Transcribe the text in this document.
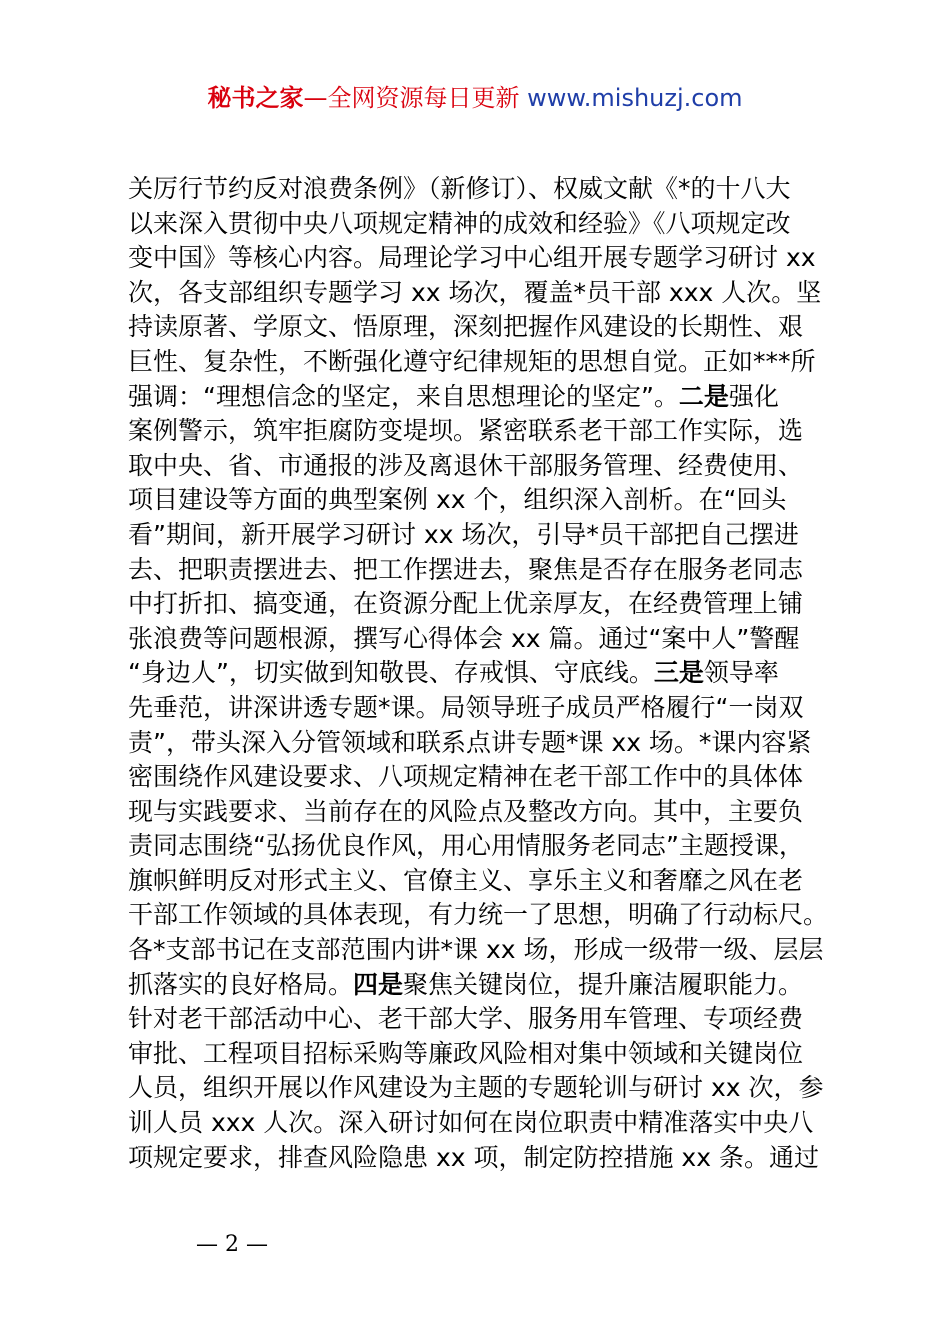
秘书之家—全网资源每日更新 www.mishuzj.com
关厉行节约反对浪费条例》（新修订）、权威文献《*的十八大
以来深入贯彻中央八项规定精神的成效和经验》《八项规定改
变中国》等核心内容。局理论学习中心组开展专题学习研讨 xx
次，各支部组织专题学习 xx 场次，覆盖*员干部 xxx 人次。坚
持读原著、学原文、悟原理，深刻把握作风建设的长期性、艰
巨性、复杂性，不断强化遵守纪律规矩的思想自觉。正如***所
强调：“理想信念的坚定，来自思想理论的坚定”。二是强化
案例警示，筑牢拒腐防变堤坝。紧密联系老干部工作实际，选
取中央、省、市通报的涉及离退休干部服务管理、经费使用、
项目建设等方面的典型案例 xx 个，组织深入剖析。在“回头
看”期间，新开展学习研讨 xx 场次，引导*员干部把自己摆进
去、把职责摆进去、把工作摆进去，聚焦是否存在服务老同志
中打折扣、搞变通，在资源分配上优亲厚友，在经费管理上铺
张浪费等问题根源，撰写心得体会 xx 篇。通过“案中人”警醒
“身边人”，切实做到知敬畏、存戒惧、守底线。三是领导率
先垂范，讲深讲透专题*课。局领导班子成员严格履行“一岗双
责”，带头深入分管领域和联系点讲专题*课 xx 场。*课内容紧
密围绕作风建设要求、八项规定精神在老干部工作中的具体体
现与实践要求、当前存在的风险点及整改方向。其中，主要负
责同志围绕“弘扬优良作风，用心用情服务老同志”主题授课，
旗帜鲜明反对形式主义、官僚主义、享乐主义和奢靡之风在老
干部工作领域的具体表现，有力统一了思想，明确了行动标尺。
各*支部书记在支部范围内讲*课 xx 场，形成一级带一级、层层
抓落实的良好格局。四是聚焦关键岗位，提升廉洁履职能力。
针对老干部活动中心、老干部大学、服务用车管理、专项经费
审批、工程项目招标采购等廉政风险相对集中领域和关键岗位
人员，组织开展以作风建设为主题的专题轮训与研讨 xx 次，参
训人员 xxx 人次。深入研讨如何在岗位职责中精准落实中央八
项规定要求，排查风险隐患 xx 项，制定防控措施 xx 条。通过
— 2 —
